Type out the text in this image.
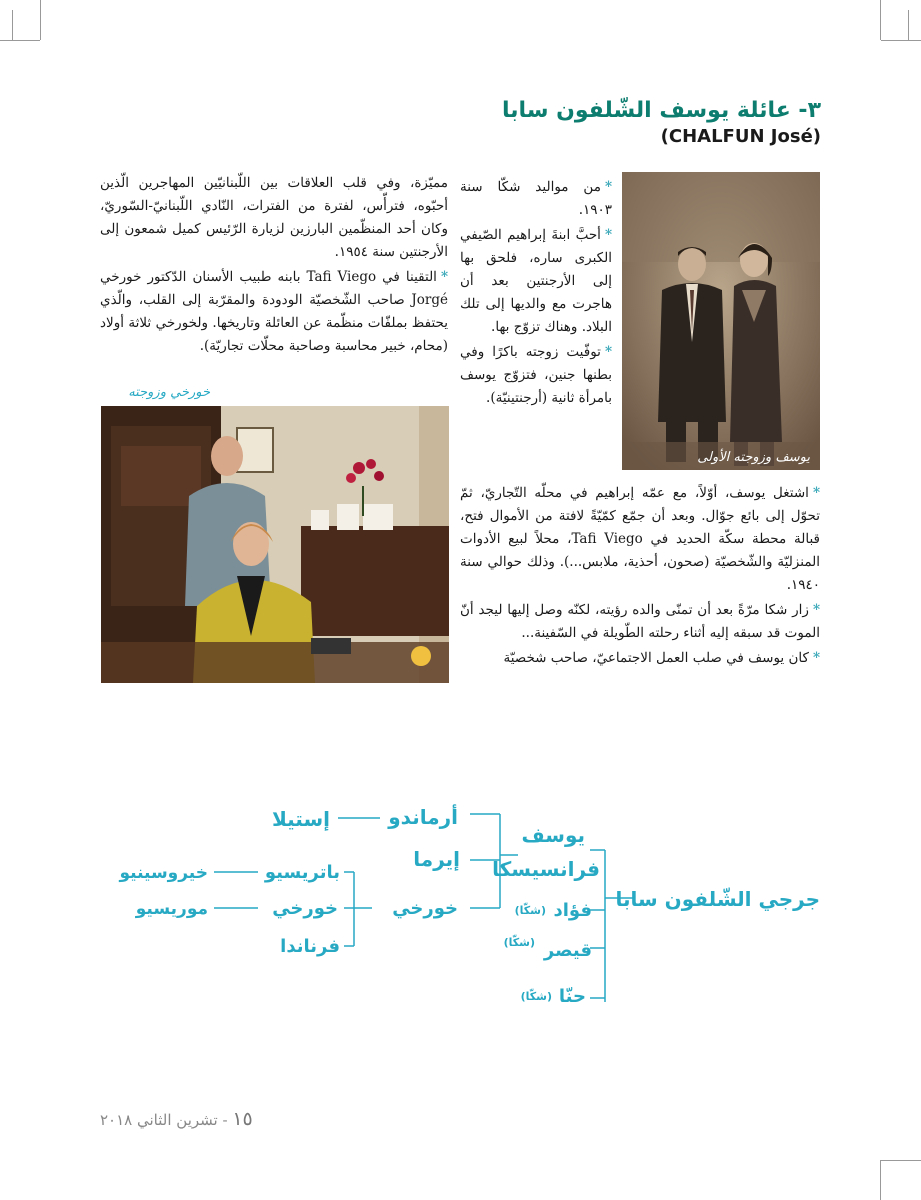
٣- عائلة يوسف الشّلفون سابا
(CHALFUN José)
يوسف وزوجته الأولى

*من مواليد شكّا سنة ١٩٠٣.

*أحبَّ ابنةَ إبراهيم الصّيفي الكبرى ساره، فلحق بها إلى الأرجنتين بعد أن هاجرت مع والديها إلى تلك البلاد. وهناك تزوّج بها.

*توفّيت زوجته باكرًا وفي بطنها جنين، فتزوّج يوسف بامرأة ثانية (أرجنتينيّة).

*اشتغل يوسف، أوّلاً، مع عمّه إبراهيم في محلّه التّجاريّ، ثمّ تحوّل إلى بائع جوّال. وبعد أن جمّع كمّيّةً لافتة من الأموال فتح، قبالة محطة سكّة الحديد في Tafi Viego، محلاً لبيع الأدوات المنزليّة والشّخصيّة (صحون، أحذية، ملابس...). وذلك حوالي سنة ١٩٤٠.

*زار شكا مرّةً بعد أن تمنّى والده رؤيته، لكنّه وصل إليها ليجد أنّ الموت قد سبقه إليه أثناء رحلته الطّويلة في السّفينة...

*كان يوسف في صلب العمل الاجتماعيّ، صاحب شخصيّة

مميّزة، وفي قلب العلاقات بين اللّبنانيّين المهاجرين الّذين أحبّوه، فترأّس، لفترة من الفترات، النّادي اللّبنانيّ-السّوريّ، وكان أحد المنظّمين البارزين لزيارة الرّئيس كميل شمعون إلى الأرجنتين سنة ١٩٥٤.

*التقينا في Tafi Viego بابنه طبيب الأسنان الدّكتور خورخي Jorgé صاحب الشّخصيّة الودودة والمقرّبة إلى القلب، والّذي يحتفظ بملفّات منظّمة عن العائلة وتاريخها. ولخورخي ثلاثة أولاد (محام، خبير محاسبة وصاحبة محلّات تجاريّة).

خورخي وزوجته
جرجي الشّلفون سابا
يوسف
فرانسيسكا
فؤاد
(شكّا)
قيصر
(شكّا)
حنّا
(شكّا)
أرماندو
إستيلا
إيرما
خورخي
باتريسيو
خورخي
فرناندا
خيروسينيو
موريسيو
١٥ - تشرين الثاني ٢٠١٨
